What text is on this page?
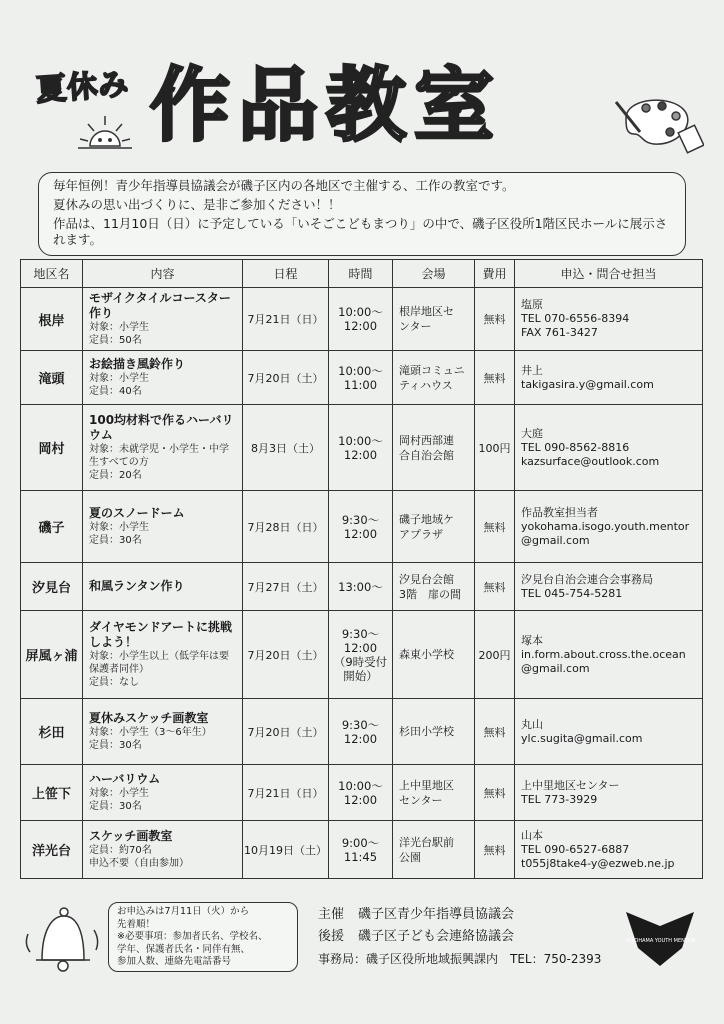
夏休み 作品教室

毎年恒例！青少年指導員協議会が磯子区内の各地区で主催する、工作の教室です。

夏休みの思い出づくりに、是非ご参加ください！！

作品は、11月10日（日）に予定している「いそごこどもまつり」の中で、磯子区役所1階区民ホールに展示されます。

地区名	内容	日程	時間	会場	費用	申込・問合せ担当
根岸	モザイクタイルコースター作り
対象：小学生
定員：50名	7月21日（日）	10:00～
12:00	根岸地区セ
ンター	無料	塩原
TEL 070-6556-8394
FAX 761-3427

滝頭	お絵描き風鈴作り
対象：小学生
定員：40名	7月20日（土）	10:00～
11:00	滝頭コミュニ
ティハウス	無料	井上
takigasira.y@gmail.com

岡村	100均材料で作るハーバリウム
対象：未就学児・小学生・中学生すべての方
定員：20名	8月3日（土）	10:00～
12:00	岡村西部連
合自治会館	100円	大庭
TEL 090-8562-8816
kazsurface@outlook.com

磯子	夏のスノードーム
対象：小学生
定員：30名	7月28日（日）	9:30～
12:00	磯子地域ケ
アプラザ	無料	作品教室担当者
yokohama.isogo.youth.mentor@gmail.com

汐見台	和風ランタン作り	7月27日（土）	13:00～	汐見台会館
3階　扉の間	無料	汐見台自治会連合会事務局
TEL 045-754-5281

屏風ヶ浦	ダイヤモンドアートに挑戦しよう！
対象：小学生以上（低学年は要保護者同伴）
定員：なし	7月20日（土）	9:30～
12:00
（9時受付
開始）	森東小学校	200円	塚本
in.form.about.cross.the.ocean@gmail.com

杉田	夏休みスケッチ画教室
対象：小学生（3～6年生）
定員：30名	7月20日（土）	9:30～
12:00	杉田小学校	無料	丸山
ylc.sugita@gmail.com

上笹下	ハーバリウム
対象：小学生
定員：30名	7月21日（日）	10:00～
12:00	上中里地区
センター	無料	上中里地区センター
TEL 773-3929

洋光台	スケッチ画教室
定員：約70名
申込不要（自由参加）	10月19日（土）	9:00～
11:45	洋光台駅前
公園	無料	山本
TEL 090-6527-6887
t055j8take4-y@ezweb.ne.jp
お申込みは7月11日（火）から
先着順！
※必要事項：参加者氏名、学校名、
学年、保護者氏名・同伴有無、
参加人数、連絡先電話番号
主催 磯子区青少年指導員協議会
後援 磯子区子ども会連絡協議会
事務局：磯子区役所地域振興課内　TEL：750-2393
YOKOHAMA YOUTH MENTOR
